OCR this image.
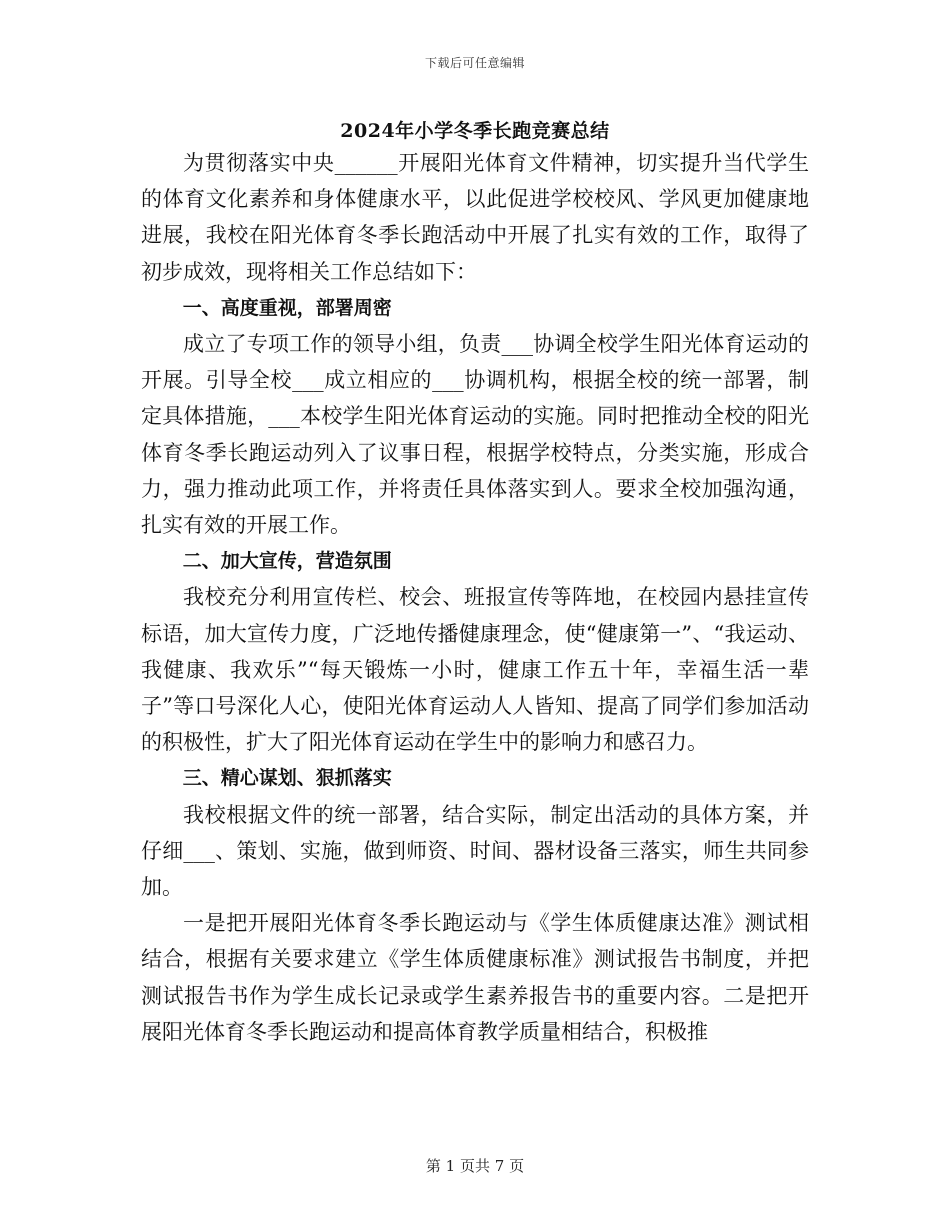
下载后可任意编辑
2024年小学冬季长跑竞赛总结

为贯彻落实中央______开展阳光体育文件精神，切实提升当代学生的体育文化素养和身体健康水平，以此促进学校校风、学风更加健康地进展，我校在阳光体育冬季长跑活动中开展了扎实有效的工作，取得了初步成效，现将相关工作总结如下：

一、高度重视，部署周密

成立了专项工作的领导小组，负责___协调全校学生阳光体育运动的开展。引导全校___成立相应的___协调机构，根据全校的统一部署，制定具体措施，___本校学生阳光体育运动的实施。同时把推动全校的阳光体育冬季长跑运动列入了议事日程，根据学校特点，分类实施，形成合力，强力推动此项工作，并将责任具体落实到人。要求全校加强沟通，扎实有效的开展工作。

二、加大宣传，营造氛围

我校充分利用宣传栏、校会、班报宣传等阵地，在校园内悬挂宣传标语，加大宣传力度，广泛地传播健康理念，使“健康第一”、“我运动、我健康、我欢乐”“每天锻炼一小时，健康工作五十年，幸福生活一辈子”等口号深化人心，使阳光体育运动人人皆知、提高了同学们参加活动的积极性，扩大了阳光体育运动在学生中的影响力和感召力。

三、精心谋划、狠抓落实

我校根据文件的统一部署，结合实际，制定出活动的具体方案，并仔细___、策划、实施，做到师资、时间、器材设备三落实，师生共同参加。

一是把开展阳光体育冬季长跑运动与《学生体质健康达准》测试相结合，根据有关要求建立《学生体质健康标准》测试报告书制度，并把测试报告书作为学生成长记录或学生素养报告书的重要内容。二是把开展阳光体育冬季长跑运动和提高体育教学质量相结合，积极推

第 1 页共 7 页
